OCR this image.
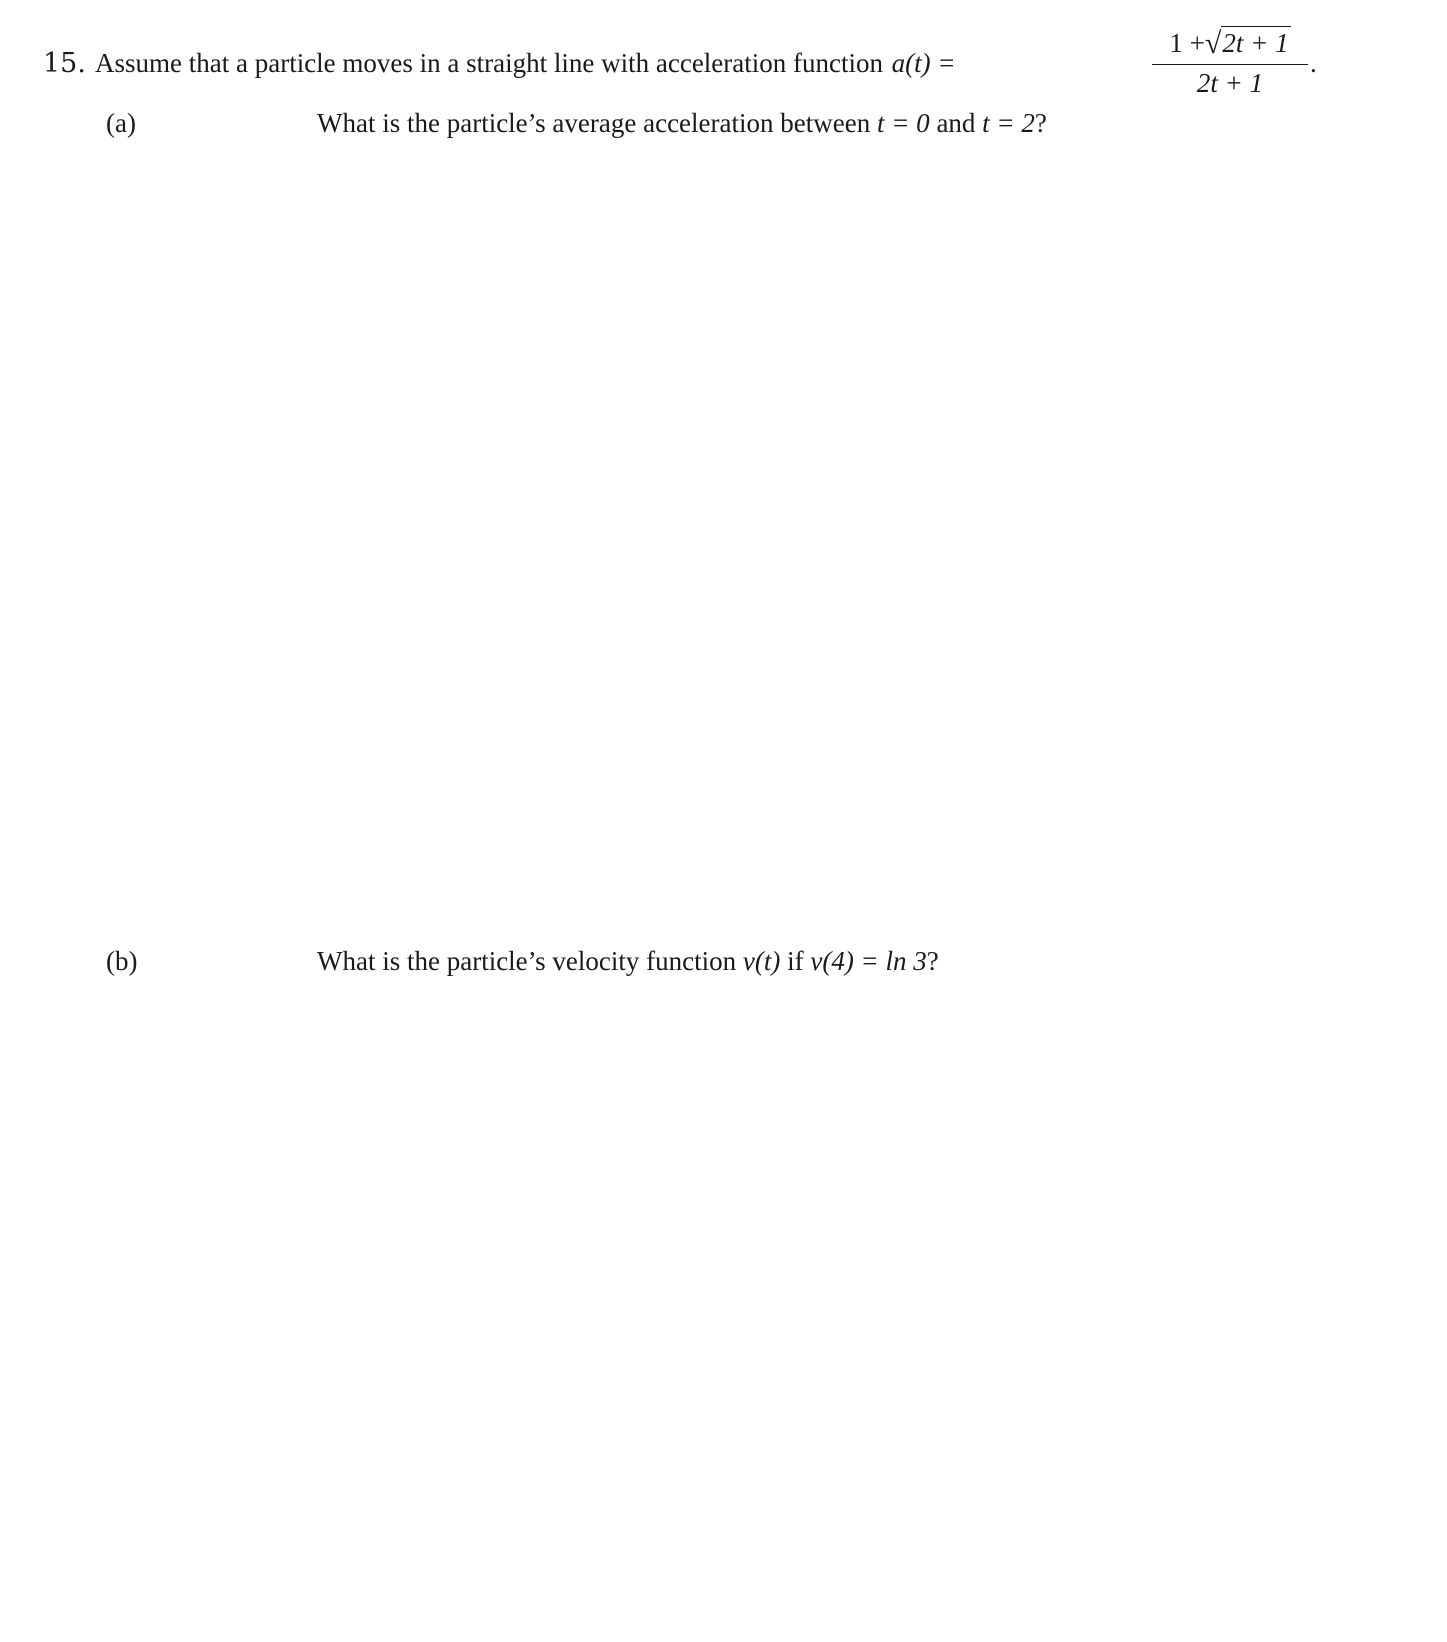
15. Assume that a particle moves in a straight line with acceleration function a(t) =
1 +√2t + 1
2t + 1
.
(a)	What is the particle’s average acceleration between t = 0 and t = 2?
(b)	What is the particle’s velocity function v(t) if v(4) = ln 3?
